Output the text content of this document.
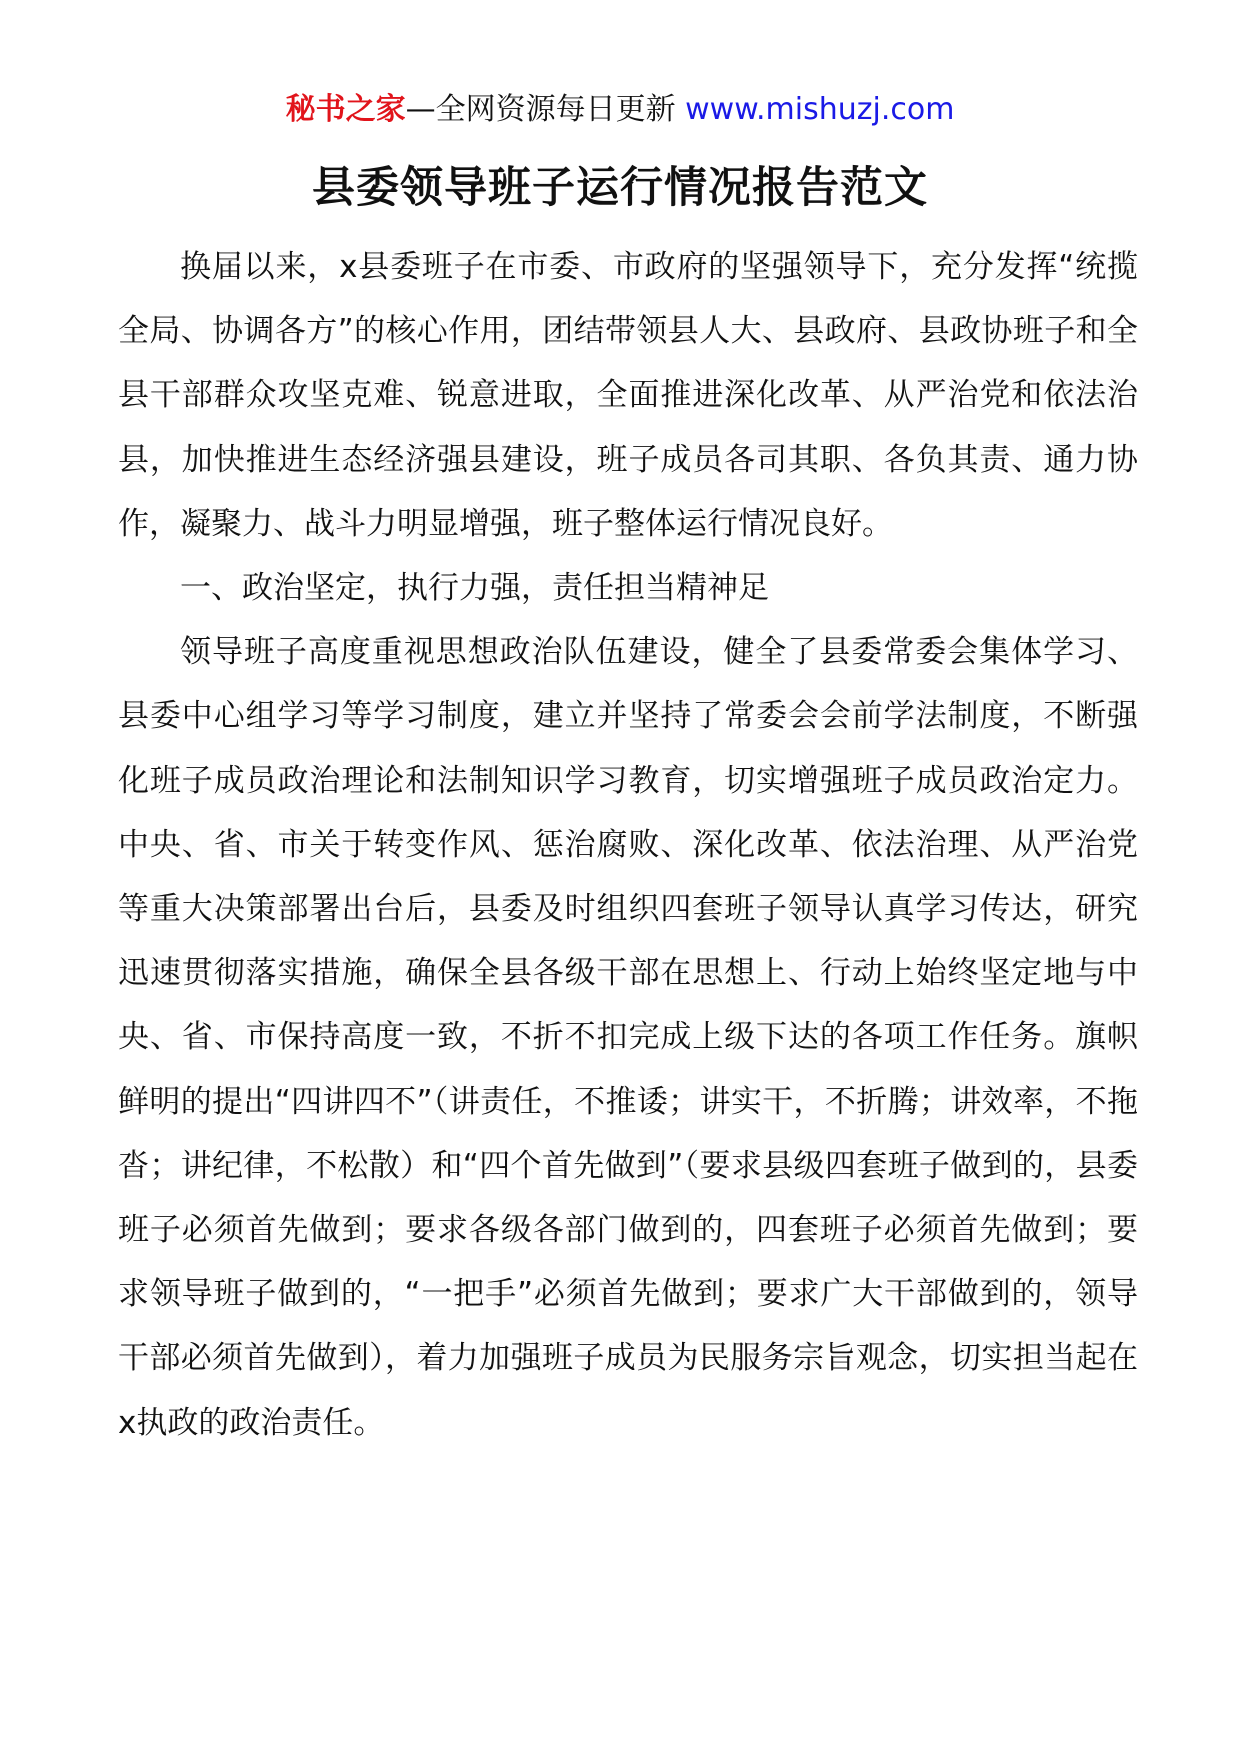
秘书之家—全网资源每日更新 www.mishuzj.com
县委领导班子运行情况报告范文

换届以来，x县委班子在市委、市政府的坚强领导下，充分发挥“统揽全局、协调各方”的核心作用，团结带领县人大、县政府、县政协班子和全县干部群众攻坚克难、锐意进取，全面推进深化改革、从严治党和依法治县，加快推进生态经济强县建设，班子成员各司其职、各负其责、通力协作，凝聚力、战斗力明显增强，班子整体运行情况良好。

一、政治坚定，执行力强，责任担当精神足

领导班子高度重视思想政治队伍建设，健全了县委常委会集体学习、县委中心组学习等学习制度，建立并坚持了常委会会前学法制度，不断强化班子成员政治理论和法制知识学习教育，切实增强班子成员政治定力。中央、省、市关于转变作风、惩治腐败、深化改革、依法治理、从严治党等重大决策部署出台后，县委及时组织四套班子领导认真学习传达，研究迅速贯彻落实措施，确保全县各级干部在思想上、行动上始终坚定地与中央、省、市保持高度一致，不折不扣完成上级下达的各项工作任务。旗帜鲜明的提出“四讲四不”（讲责任，不推诿；讲实干，不折腾；讲效率，不拖沓；讲纪律，不松散）和“四个首先做到”（要求县级四套班子做到的，县委班子必须首先做到；要求各级各部门做到的，四套班子必须首先做到；要求领导班子做到的，“一把手”必须首先做到；要求广大干部做到的，领导干部必须首先做到），着力加强班子成员为民服务宗旨观念，切实担当起在x执政的政治责任。
